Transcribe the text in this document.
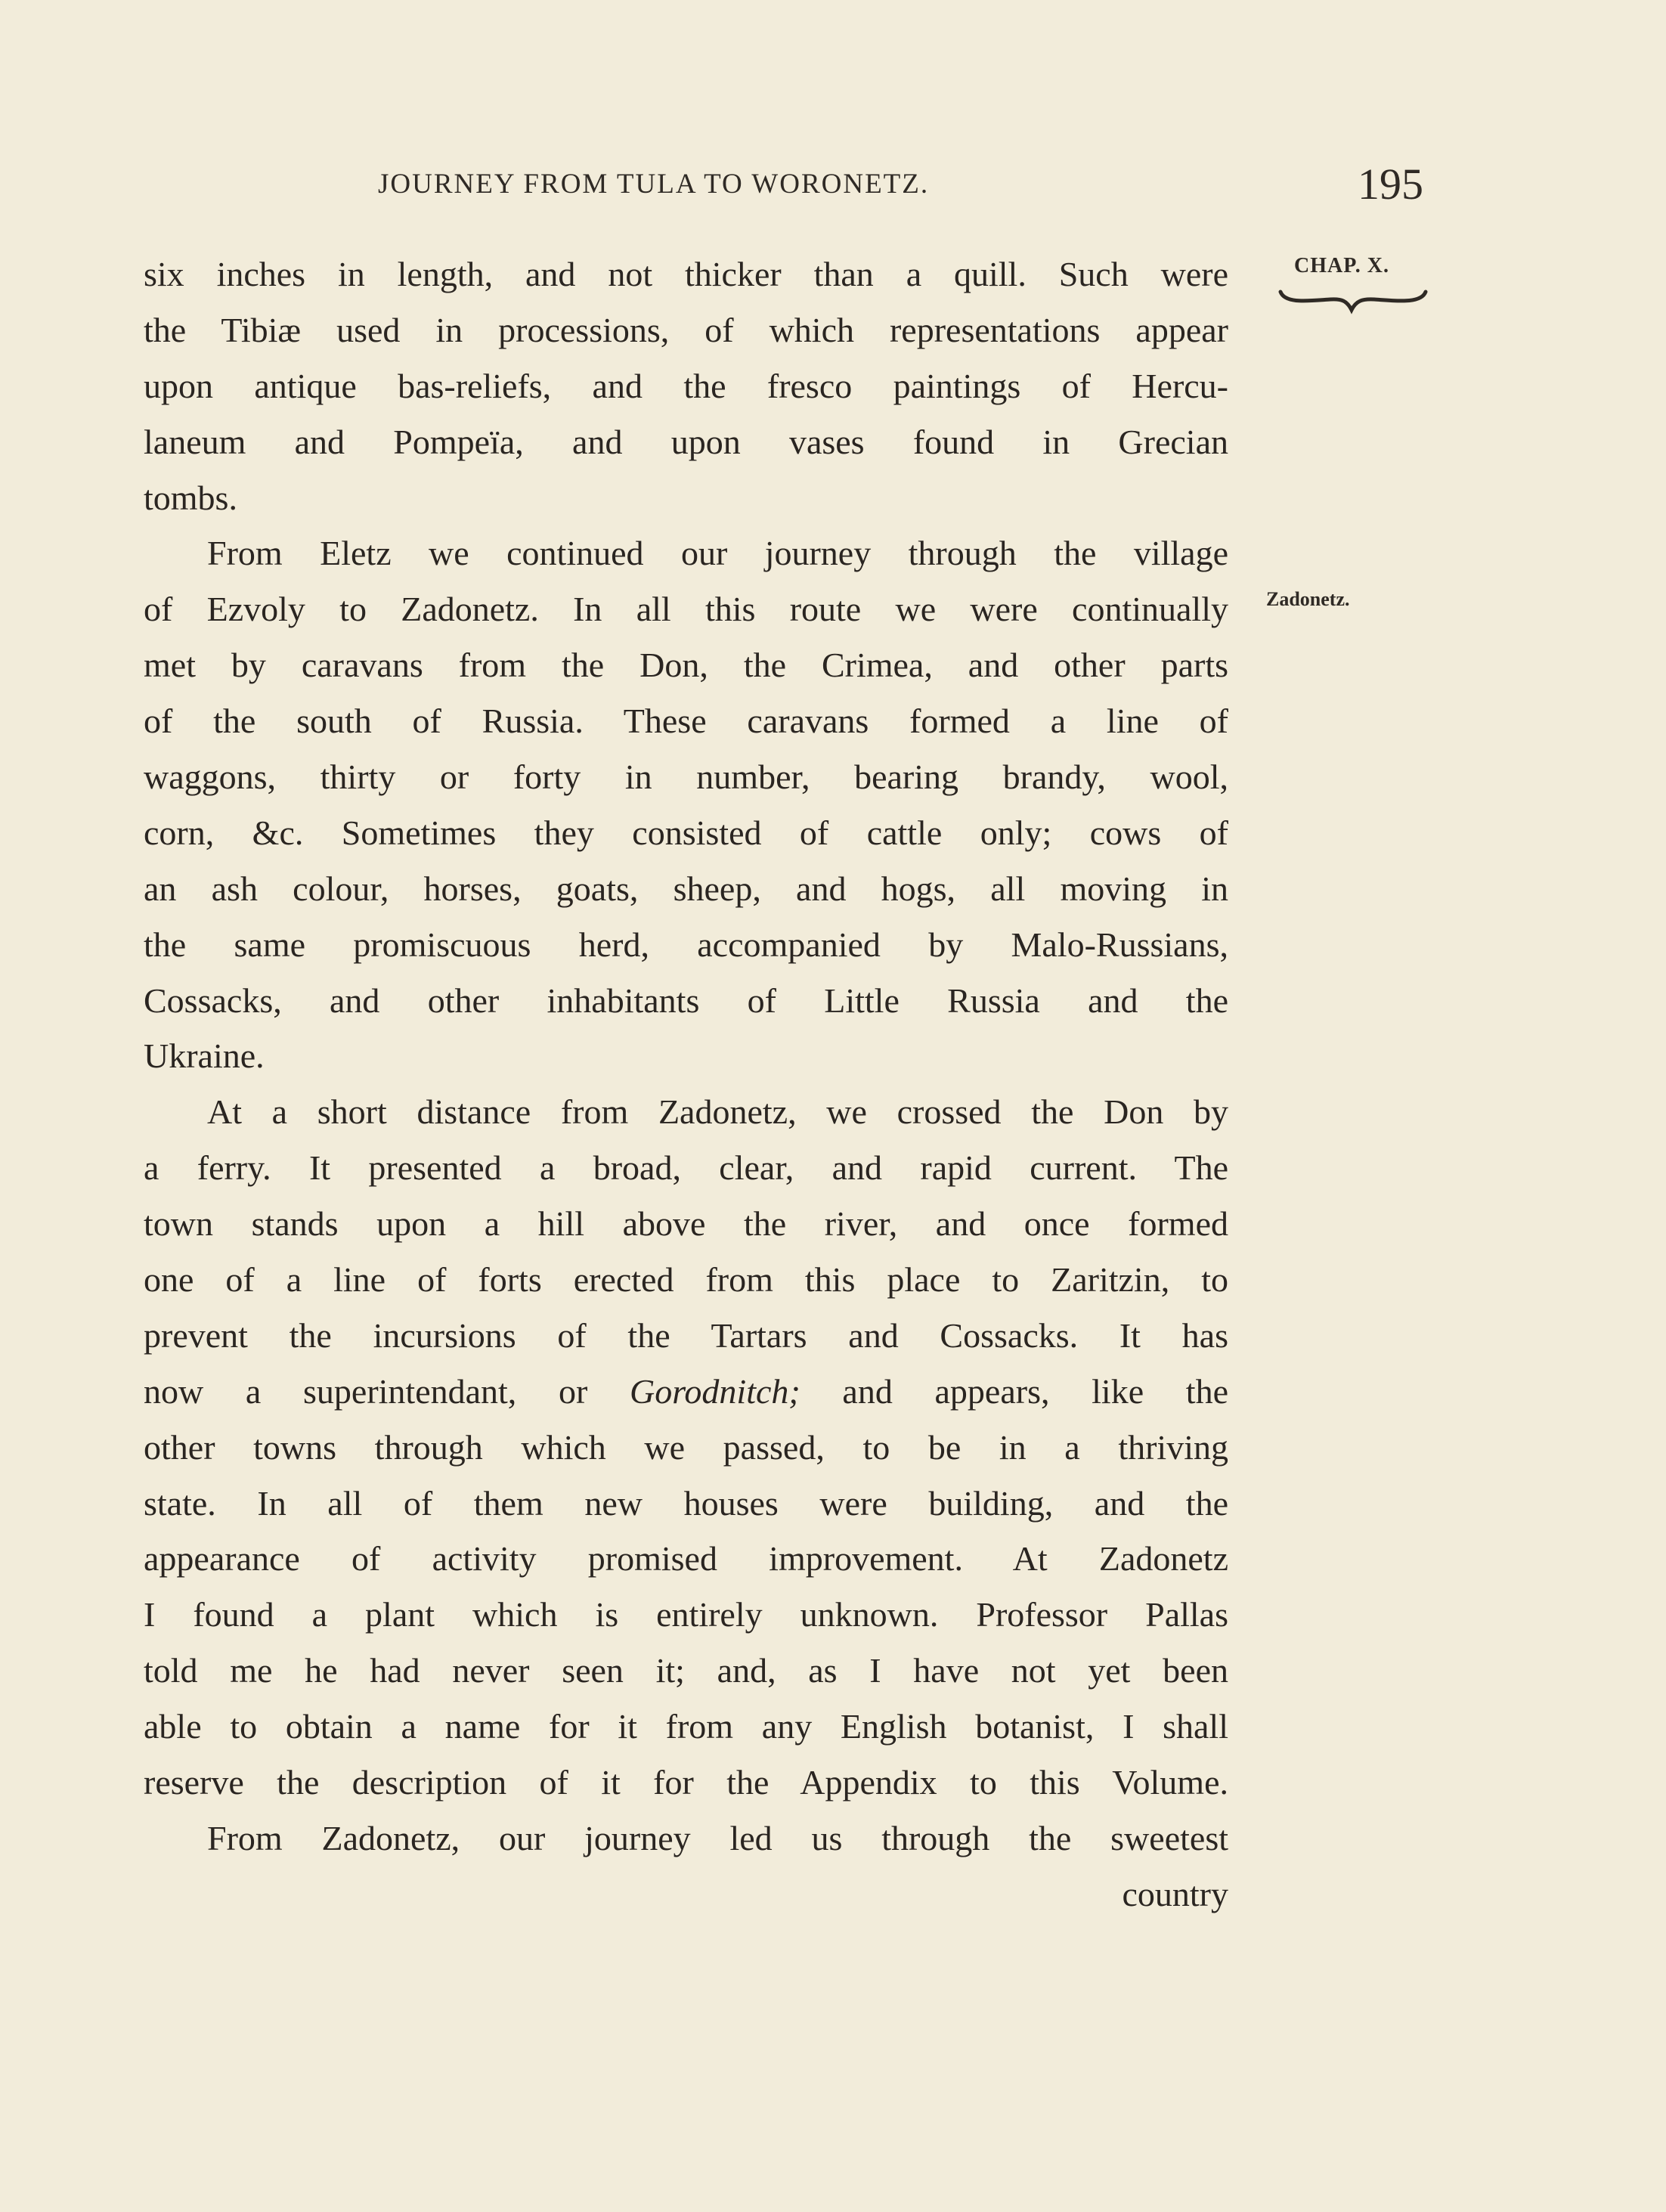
JOURNEY FROM TULA TO WORONETZ.	195
CHAP. X.
Zadonetz.
six inches in length, and not thicker than a quill. Such were
the Tibiæ used in processions, of which representations appear
upon antique bas-reliefs, and the fresco paintings of Hercu-
laneum and Pompeïa, and upon vases found in Grecian
tombs.
From Eletz we continued our journey through the village
of Ezvoly to Zadonetz. In all this route we were continually
met by caravans from the Don, the Crimea, and other parts
of the south of Russia. These caravans formed a line of
waggons, thirty or forty in number, bearing brandy, wool,
corn, &c. Sometimes they consisted of cattle only; cows of
an ash colour, horses, goats, sheep, and hogs, all moving in
the same promiscuous herd, accompanied by Malo-Russians,
Cossacks, and other inhabitants of Little Russia and the
Ukraine.
At a short distance from Zadonetz, we crossed the Don by
a ferry. It presented a broad, clear, and rapid current. The
town stands upon a hill above the river, and once formed
one of a line of forts erected from this place to Zaritzin, to
prevent the incursions of the Tartars and Cossacks. It has
now a superintendant, or Gorodnitch; and appears, like the
other towns through which we passed, to be in a thriving
state. In all of them new houses were building, and the
appearance of activity promised improvement. At Zadonetz
I found a plant which is entirely unknown. Professor Pallas
told me he had never seen it; and, as I have not yet been
able to obtain a name for it from any English botanist, I shall
reserve the description of it for the Appendix to this Volume.
From Zadonetz, our journey led us through the sweetest
country
